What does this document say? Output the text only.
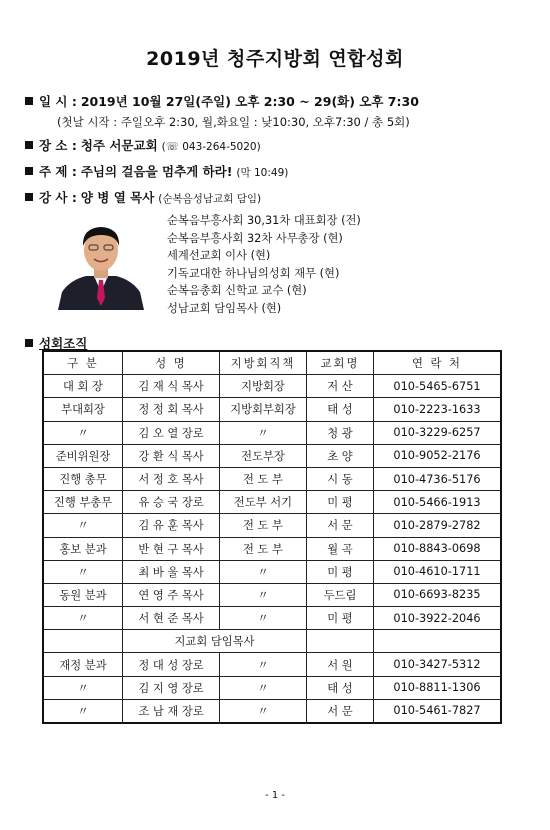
2019년 청주지방회 연합성회
일 시 : 2019년 10월 27일(주일) 오후 2:30 ~ 29(화) 오후 7:30
(첫날 시작 : 주일오후 2:30, 월,화요일 : 낮10:30, 오후7:30 / 총 5회)
장 소 : 청주 서문교회 (☏ 043-264-5020)
주 제 : 주님의 걸음을 멈추게 하라! (막 10:49)
강 사 : 양 병 열 목사 (순복음성남교회 담임)
순복음부흥사회 30,31차 대표회장 (전)
순복음부흥사회 32차 사무총장 (현)
세계선교회 이사 (현)
기독교대한 하나님의성회 재무 (현)
순복음총회 신학교 교수 (현)
성남교회 담임목사 (현)
성회조직
구 분	성 명	지방회직책	교회명	연 락 처
대 회 장	김 재 식 목사	지방회장	저 산	010-5465-6751
부대회장	정 정 회 목사	지방회부회장	태 성	010-2223-1633
〃	김 오 열 장로	〃	청 광	010-3229-6257
준비위원장	강 환 식 목사	전도부장	초 양	010-9052-2176
진행 총무	서 정 호 목사	전 도 부	시 동	010-4736-5176
진행 부총무	유 승 국 장로	전도부 서기	미 평	010-5466-1913
〃	김 유 훈 목사	전 도 부	서 문	010-2879-2782
홍보 분과	반 현 구 목사	전 도 부	월 곡	010-8843-0698
〃	최 바 울 목사	〃	미 평	010-4610-1711
동원 분과	연 영 주 목사	〃	두드림	010-6693-8235
〃	서 현 준 목사	〃	미 평	010-3922-2046
	지교회 담임목사			
재정 분과	정 대 성 장로	〃	서 원	010-3427-5312
〃	김 지 영 장로	〃	태 성	010-8811-1306
〃	조 남 재 장로	〃	서 문	010-5461-7827
- 1 -
